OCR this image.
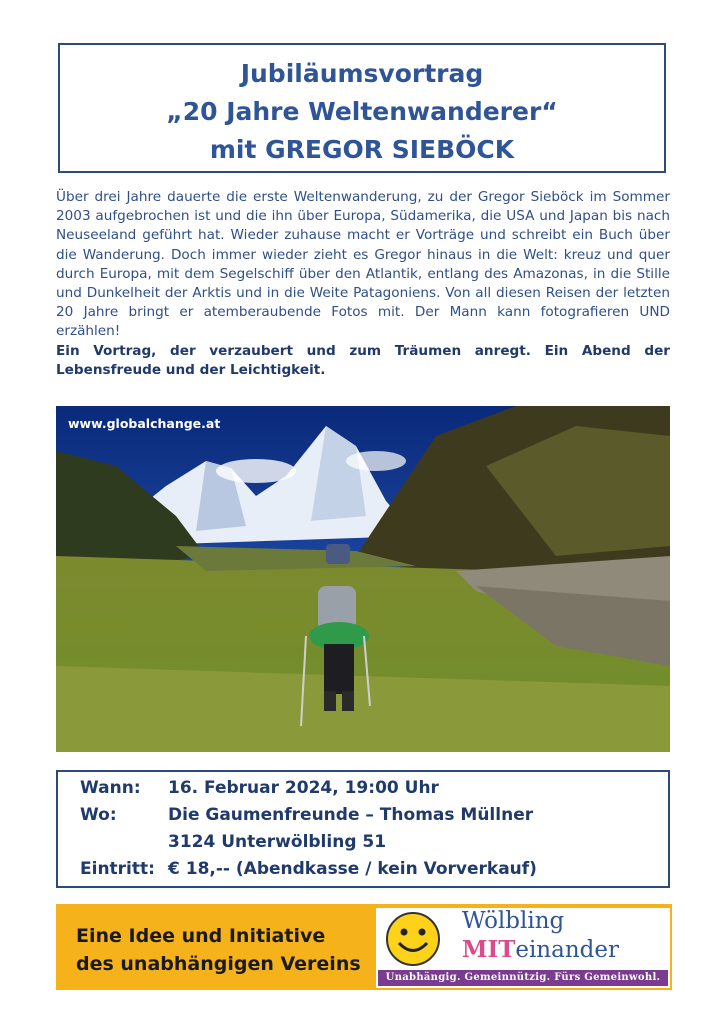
Jubiläumsvortrag
„20 Jahre Weltenwanderer“
mit GREGOR SIEBÖCK

Über drei Jahre dauerte die erste Weltenwanderung, zu der Gregor Sieböck im Sommer 2003 aufgebrochen ist und die ihn über Europa, Südamerika, die USA und Japan bis nach Neuseeland geführt hat. Wieder zuhause macht er Vorträge und schreibt ein Buch über die Wanderung. Doch immer wieder zieht es Gregor hinaus in die Welt: kreuz und quer durch Europa, mit dem Segelschiff über den Atlantik, entlang des Amazonas, in die Stille und Dunkelheit der Arktis und in die Weite Patagoniens. Von all diesen Reisen der letzten 20 Jahre bringt er atemberaubende Fotos mit. Der Mann kann fotografieren UND erzählen!

Ein Vortrag, der verzaubert und zum Träumen anregt. Ein Abend der Lebensfreude und der Leichtigkeit.

www.globalchange.at
Wann: 16. Februar 2024, 19:00 Uhr
Wo:	Die Gaumenfreunde – Thomas Müllner
3124 Unterwölbling 51
Eintritt: € 18,-- (Abendkasse / kein Vorverkauf)
Eine Idee und Initiative
des unabhängigen Vereins
Wölbling
MITeinander
Unabhängig. Gemeinnützig. Fürs Gemeinwohl.
